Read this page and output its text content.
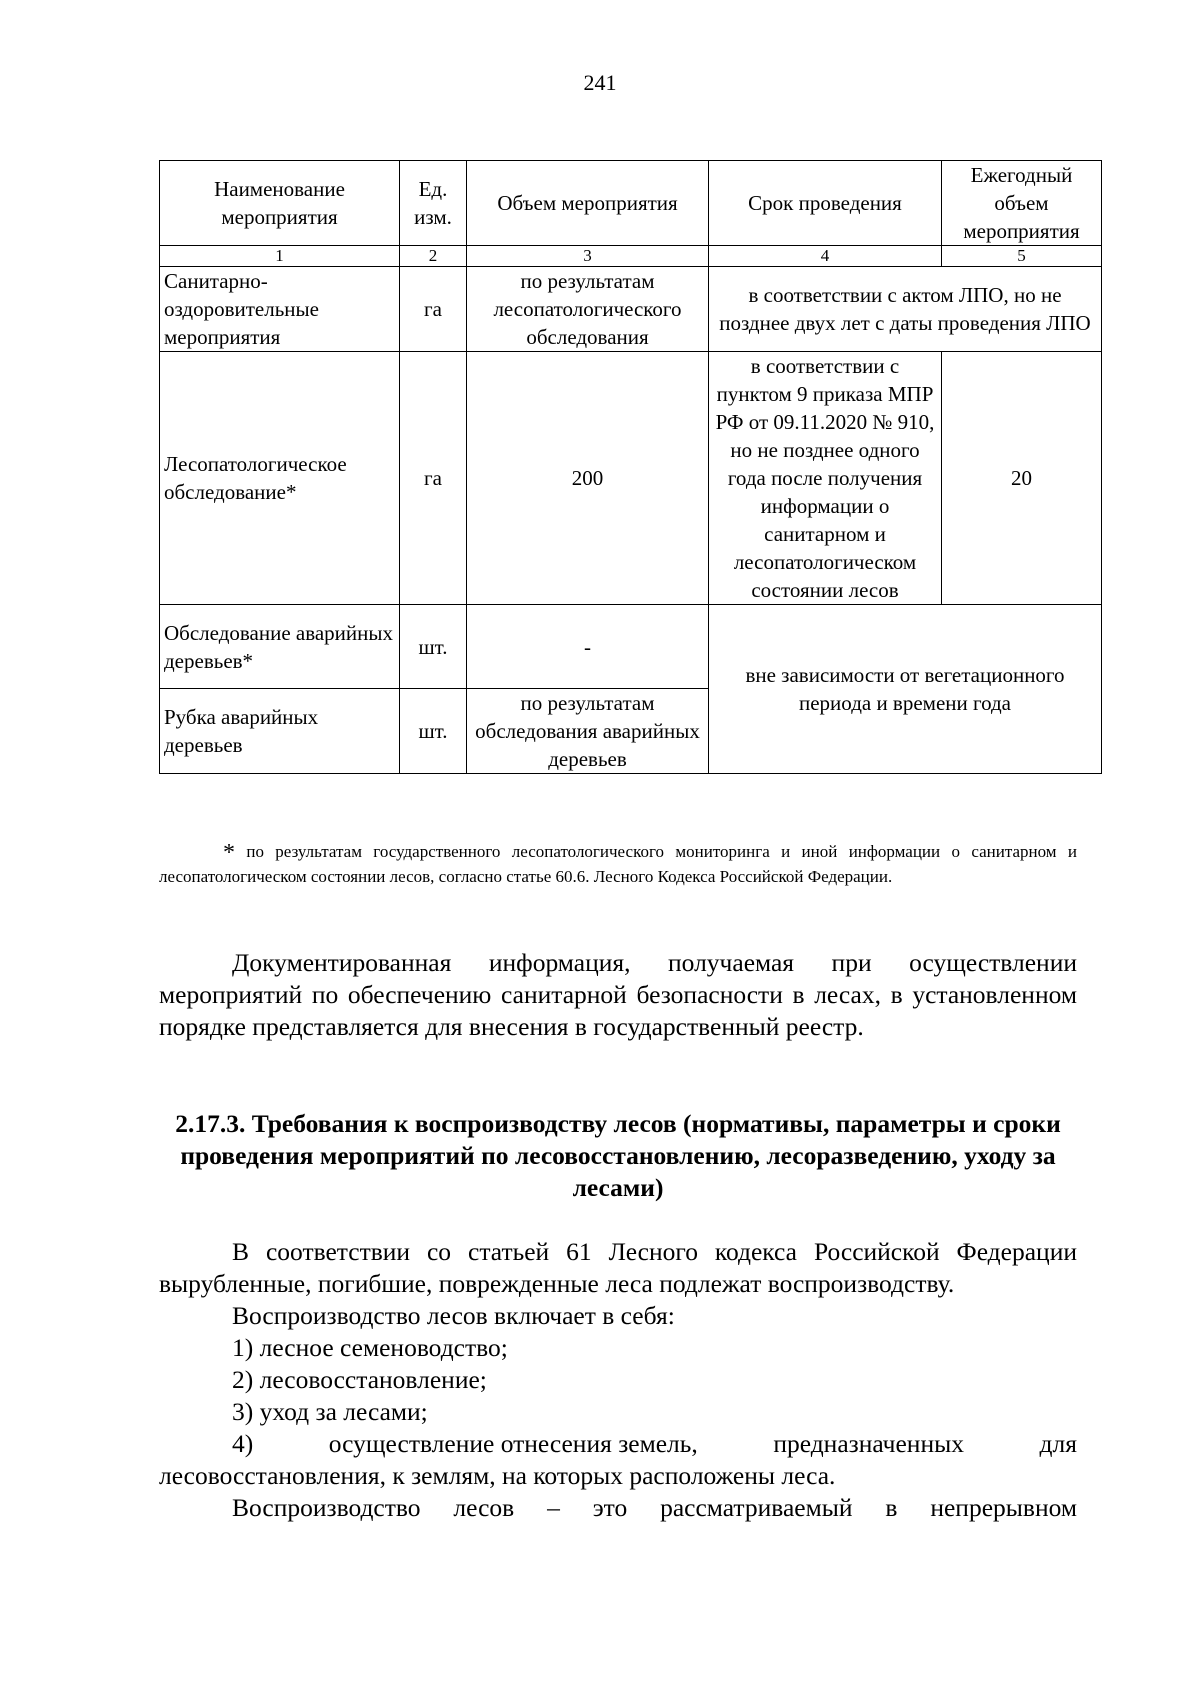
241
Наименование мероприятия	Ед. изм.	Объем мероприятия	Срок проведения	Ежегодный объем мероприятия
1	2	3	4	5
Санитарно-оздоровительные мероприятия	га	по результатам лесопатологического обследования	в соответствии с актом ЛПО, но не позднее двух лет с даты проведения ЛПО	
Лесопатологическое обследование*	га	200	в соответствии с пунктом 9 приказа МПР РФ от 09.11.2020 № 910, но не позднее одного года после получения информации о санитарном и лесопатологическом состоянии лесов	20
Обследование аварийных деревьев*	шт.	-	вне зависимости от вегетационного периода и времени года	
Рубка аварийных деревьев	шт.	по результатам обследования аварийных деревьев		
* по результатам государственного лесопатологического мониторинга и иной информации о санитарном и лесопатологическом состоянии лесов, согласно статье 60.6. Лесного Кодекса Российской Федерации.

Документированная информация, получаемая при осуществлении мероприятий по обеспечению санитарной безопасности в лесах, в установленном порядке представляется для внесения в государственный реестр.

2.17.3. Требования к воспроизводству лесов (нормативы, параметры и сроки проведения мероприятий по лесовосстановлению, лесоразведению, уходу за лесами)

В соответствии со статьей 61 Лесного кодекса Российской Федерации вырубленные, погибшие, поврежденные леса подлежат воспроизводству.

Воспроизводство лесов включает в себя:

1) лесное семеноводство;

2) лесовосстановление;

3) уход за лесами;

4)	осуществление отнесения земель,	предназначенных	для

лесовосстановления, к землям, на которых расположены леса.

Воспроизводство лесов – это рассматриваемый в непрерывном
